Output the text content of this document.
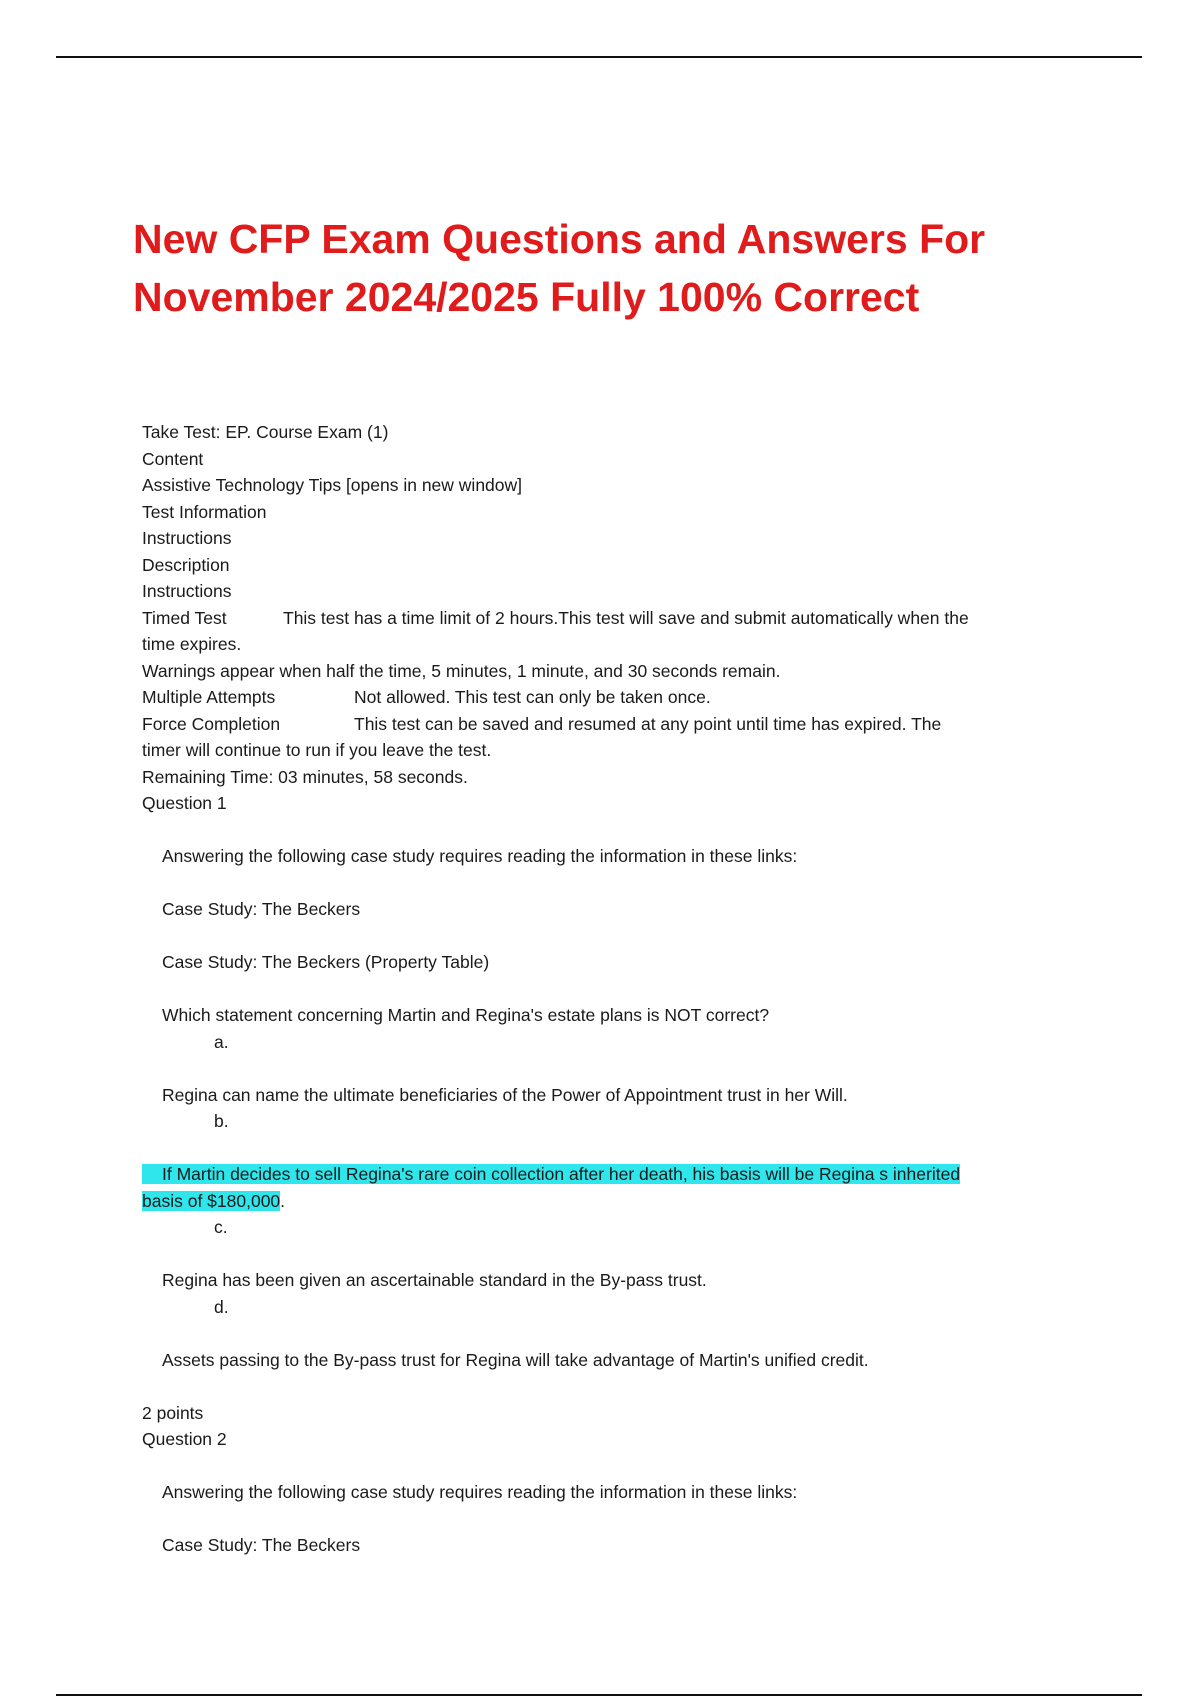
New CFP Exam Questions and Answers For
November 2024/2025 Fully 100% Correct
Take Test: EP. Course Exam (1)
Content
Assistive Technology Tips [opens in new window]
Test Information
Instructions
Description
Instructions
Timed Test	This test has a time limit of 2 hours.This test will save and submit automatically when the
time expires.
Warnings appear when half the time, 5 minutes, 1 minute, and 30 seconds remain.
Multiple Attempts	Not allowed. This test can only be taken once.
Force Completion	This test can be saved and resumed at any point until time has expired. The
timer will continue to run if you leave the test.
Remaining Time: 03 minutes, 58 seconds.
Question 1
Answering the following case study requires reading the information in these links:
Case Study: The Beckers
Case Study: The Beckers (Property Table)
Which statement concerning Martin and Regina's estate plans is NOT correct?
a.
Regina can name the ultimate beneficiaries of the Power of Appointment trust in her Will.
b.
If Martin decides to sell Regina's rare coin collection after her death, his basis will be Regina s inherited
basis of $180,000.
c.
Regina has been given an ascertainable standard in the By-pass trust.
d.
Assets passing to the By-pass trust for Regina will take advantage of Martin's unified credit.
2 points
Question 2
Answering the following case study requires reading the information in these links:
Case Study: The Beckers
